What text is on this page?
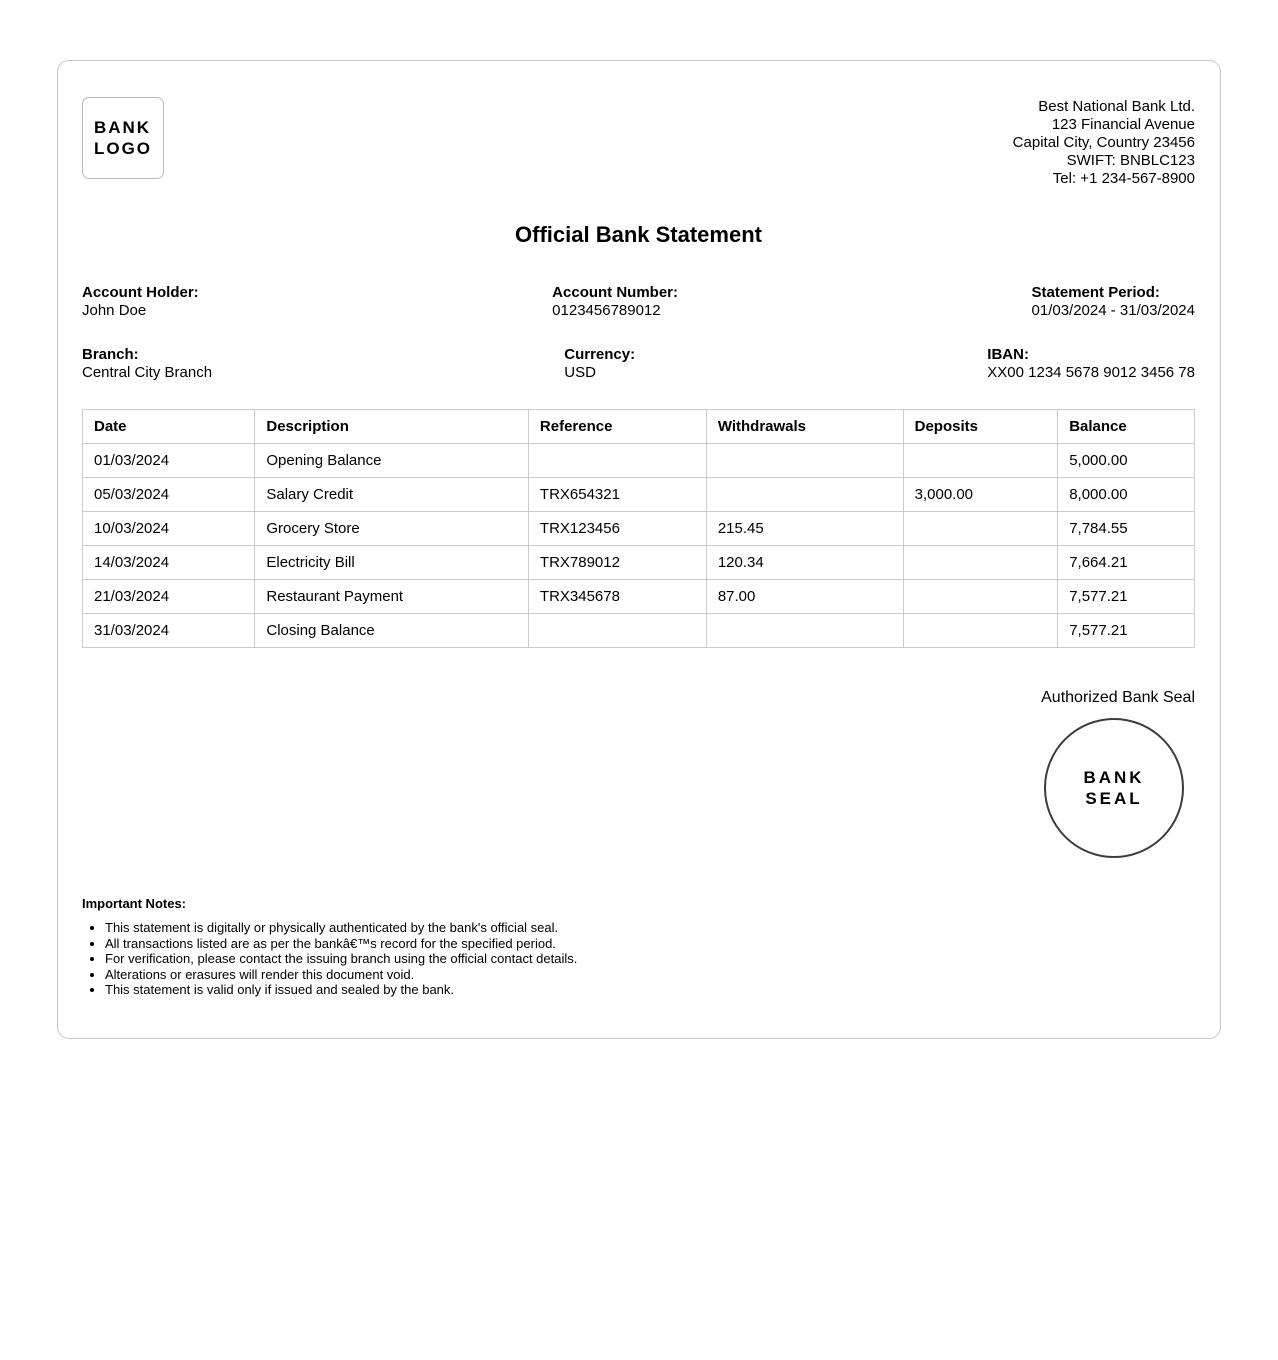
BANK
LOGO
Best National Bank Ltd.
123 Financial Avenue
Capital City, Country 23456
SWIFT: BNBLC123
Tel: +1 234-567-8900
Official Bank Statement
Account Holder:
John Doe
Account Number:
0123456789012
Statement Period:
01/03/2024 - 31/03/2024
Branch:
Central City Branch
Currency:
USD
IBAN:
XX00 1234 5678 9012 3456 78
Date	Description	Reference	Withdrawals	Deposits	Balance
01/03/2024	Opening Balance				5,000.00
05/03/2024	Salary Credit	TRX654321		3,000.00	8,000.00
10/03/2024	Grocery Store	TRX123456	215.45		7,784.55
14/03/2024	Electricity Bill	TRX789012	120.34		7,664.21
21/03/2024	Restaurant Payment	TRX345678	87.00		7,577.21
31/03/2024	Closing Balance				7,577.21
Authorized Bank Seal
BANK
SEAL
Important Notes:
• This statement is digitally or physically authenticated by the bank's official seal.
• All transactions listed are as per the bankâ€™s record for the specified period.
• For verification, please contact the issuing branch using the official contact details.
• Alterations or erasures will render this document void.
• This statement is valid only if issued and sealed by the bank.
